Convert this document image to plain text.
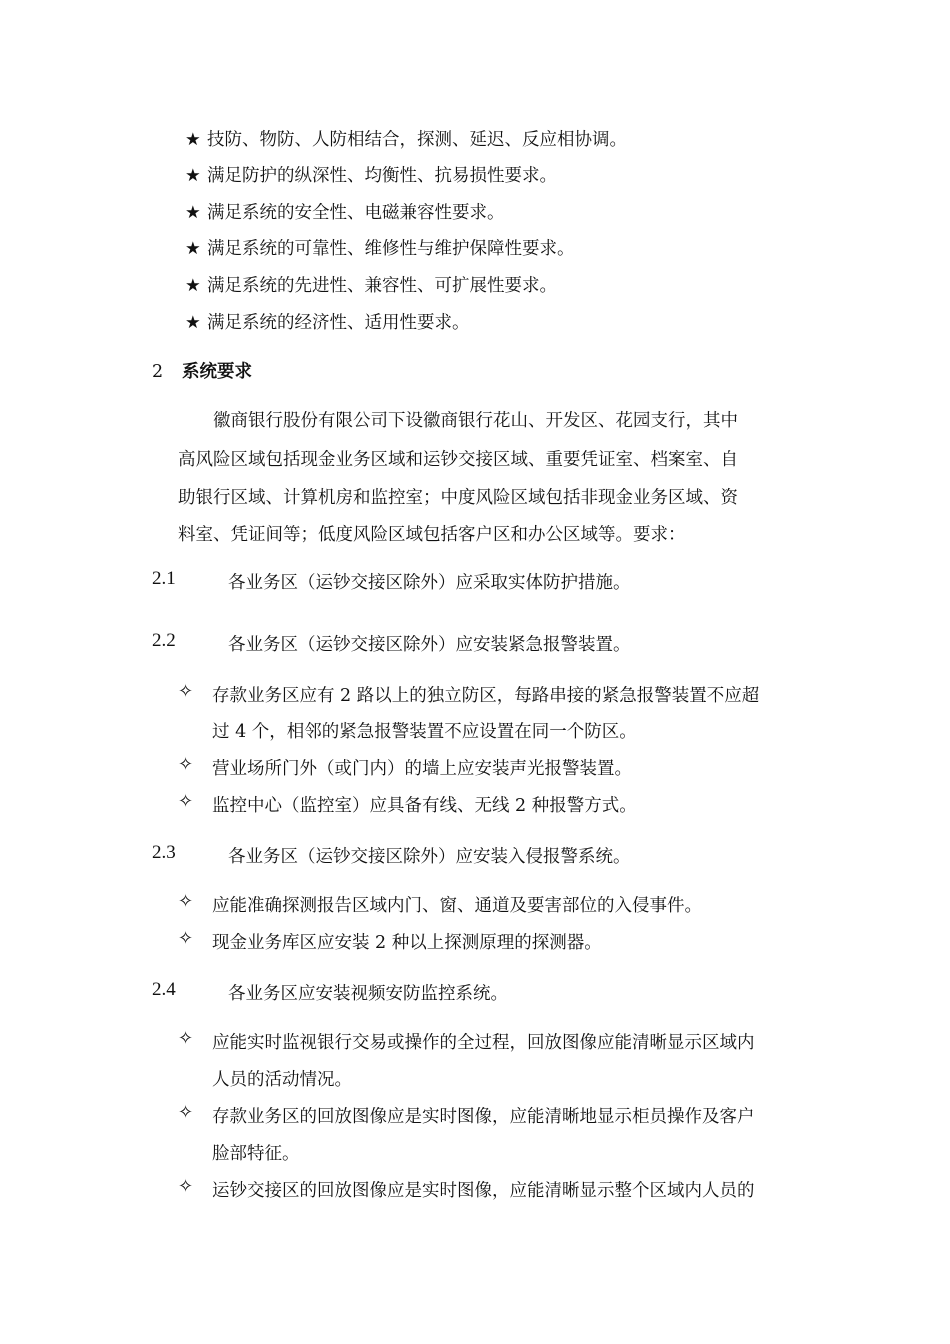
★ 技防、物防、人防相结合，探测、延迟、反应相协调。
★ 满足防护的纵深性、均衡性、抗易损性要求。
★ 满足系统的安全性、电磁兼容性要求。
★ 满足系统的可靠性、维修性与维护保障性要求。
★ 满足系统的先进性、兼容性、可扩展性要求。
★ 满足系统的经济性、适用性要求。
2 系统要求
　　徽商银行股份有限公司下设徽商银行花山、开发区、花园支行，其中
高风险区域包括现金业务区域和运钞交接区域、重要凭证室、档案室、自
助银行区域、计算机房和监控室；中度风险区域包括非现金业务区域、资
料室、凭证间等；低度风险区域包括客户区和办公区域等。要求：
2.1	各业务区（运钞交接区除外）应采取实体防护措施。
2.2	各业务区（运钞交接区除外）应安装紧急报警装置。
✧ 存款业务区应有 2 路以上的独立防区，每路串接的紧急报警装置不应超
过 4 个，相邻的紧急报警装置不应设置在同一个防区。
✧ 营业场所门外（或门内）的墙上应安装声光报警装置。
✧ 监控中心（监控室）应具备有线、无线 2 种报警方式。
2.3	各业务区（运钞交接区除外）应安装入侵报警系统。
✧ 应能准确探测报告区域内门、窗、通道及要害部位的入侵事件。
✧ 现金业务库区应安装 2 种以上探测原理的探测器。
2.4	各业务区应安装视频安防监控系统。
✧ 应能实时监视银行交易或操作的全过程，回放图像应能清晰显示区域内
人员的活动情况。
✧ 存款业务区的回放图像应是实时图像，应能清晰地显示柜员操作及客户
脸部特征。
✧ 运钞交接区的回放图像应是实时图像，应能清晰显示整个区域内人员的
